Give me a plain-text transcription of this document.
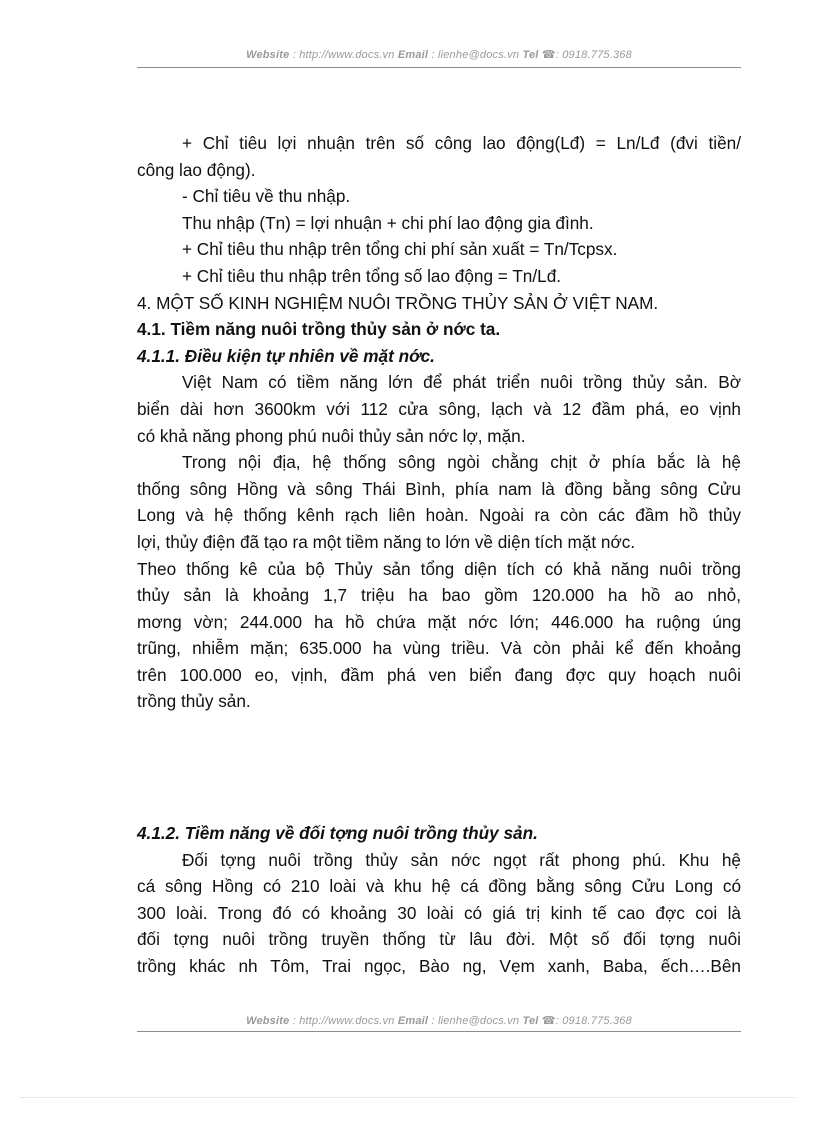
Website : http://www.docs.vn Email : lienhe@docs.vn Tel ☎: 0918.775.368
+ Chỉ tiêu lợi nhuận trên số công lao động(Lđ) = Ln/Lđ (đvi tiền/
công lao động).
- Chỉ tiêu về thu nhập.
Thu nhập (Tn) = lợi nhuận + chi phí lao động gia đình.
+ Chỉ tiêu thu nhập trên tổng chi phí sản xuất = Tn/Tcpsx.
+ Chỉ tiêu thu nhập trên tổng số lao động = Tn/Lđ.
4. MỘT SỐ KINH NGHIỆM NUÔI TRỒNG THỦY SẢN Ở VIỆT NAM.
4.1. Tiềm năng nuôi trồng thủy sản ở nớc ta.
4.1.1. Điều kiện tự nhiên về mặt nớc.
Việt Nam có tiềm năng lớn để phát triển nuôi trồng thủy sản. Bờ
biển dài hơn 3600km với 112 cửa sông, lạch và 12 đầm phá, eo vịnh
có khả năng phong phú nuôi thủy sản nớc lợ, mặn.
Trong nội địa, hệ thống sông ngòi chằng chịt ở phía bắc là hệ
thống sông Hồng và sông Thái Bình, phía nam là đồng bằng sông Cửu
Long và hệ thống kênh rạch liên hoàn. Ngoài ra còn các đầm hồ thủy
lợi, thủy điện đã tạo ra một tiềm năng to lớn về diện tích mặt nớc.
Theo thống kê của bộ Thủy sản tổng diện tích có khả năng nuôi trồng
thủy sản là khoảng 1,7 triệu ha bao gồm 120.000 ha hồ ao nhỏ,
mơng vờn; 244.000 ha hồ chứa mặt nớc lớn; 446.000 ha ruộng úng
trũng, nhiễm mặn; 635.000 ha vùng triều. Và còn phải kể đến khoảng
trên 100.000 eo, vịnh, đầm phá ven biển đang đợc quy hoạch nuôi
trồng thủy sản.
4.1.2. Tiềm năng về đối tợng nuôi trồng thủy sản.
Đối tợng nuôi trồng thủy sản nớc ngọt rất phong phú. Khu hệ
cá sông Hồng có 210 loài và khu hệ cá đồng bằng sông Cửu Long có
300 loài. Trong đó có khoảng 30 loài có giá trị kinh tế cao đợc coi là
đối tợng nuôi trồng truyền thống từ lâu đời. Một số đối tợng nuôi
trồng khác nh Tôm, Trai ngọc, Bào ng, Vẹm xanh, Baba, ếch….Bên
Website : http://www.docs.vn Email : lienhe@docs.vn Tel ☎: 0918.775.368
